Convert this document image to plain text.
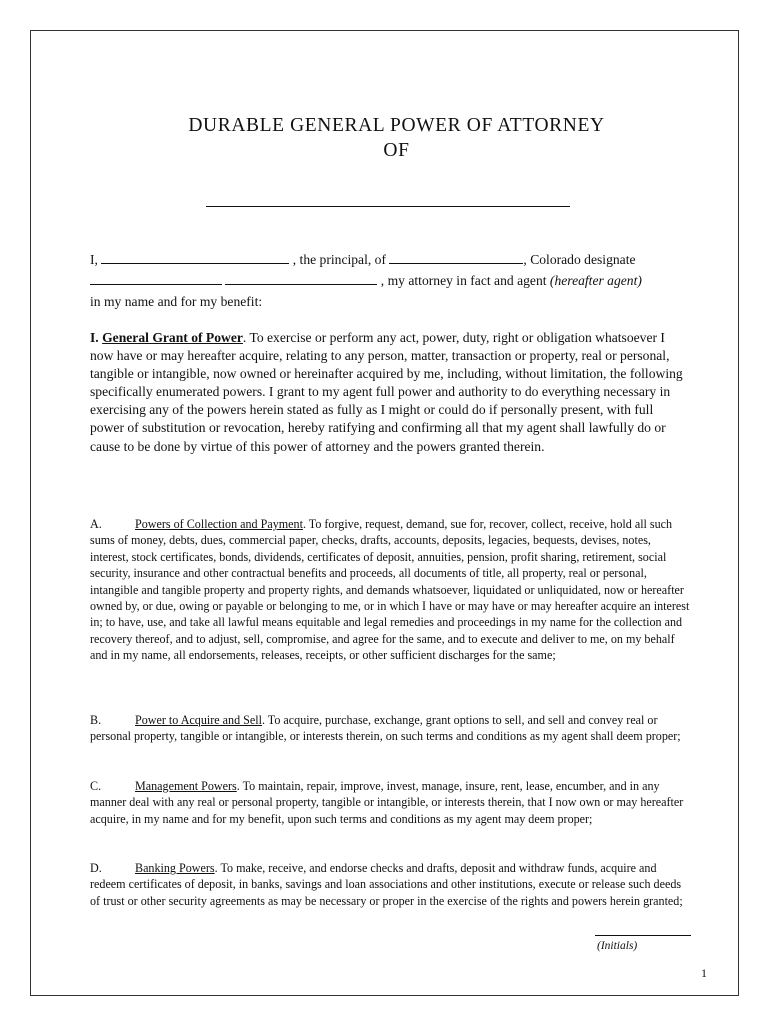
DURABLE GENERAL POWER OF ATTORNEY
OF
I,	, the principal, of	, Colorado designate
, my attorney in fact and agent (hereafter agent)
in my name and for my benefit:
I. General Grant of Power. To exercise or perform any act, power, duty, right or obligation whatsoever I now have or may hereafter acquire, relating to any person, matter, transaction or property, real or personal, tangible or intangible, now owned or hereinafter acquired by me, including, without limitation, the following specifically enumerated powers. I grant to my agent full power and authority to do everything necessary in exercising any of the powers herein stated as fully as I might or could do if personally present, with full power of substitution or revocation, hereby ratifying and confirming all that my agent shall lawfully do or cause to be done by virtue of this power of attorney and the powers granted therein.
A.	Powers of Collection and Payment. To forgive, request, demand, sue for, recover, collect, receive, hold all such sums of money, debts, dues, commercial paper, checks, drafts, accounts, deposits, legacies, bequests, devises, notes, interest, stock certificates, bonds, dividends, certificates of deposit, annuities, pension, profit sharing, retirement, social security, insurance and other contractual benefits and proceeds, all documents of title, all property, real or personal, intangible and tangible property and property rights, and demands whatsoever, liquidated or unliquidated, now or hereafter owned by, or due, owing or payable or belonging to me, or in which I have or may have or may hereafter acquire an interest in; to have, use, and take all lawful means equitable and legal remedies and proceedings in my name for the collection and recovery thereof, and to adjust, sell, compromise, and agree for the same, and to execute and deliver to me, on my behalf and in my name, all endorsements, releases, receipts, or other sufficient discharges for the same;
B.	Power to Acquire and Sell. To acquire, purchase, exchange, grant options to sell, and sell and convey real or personal property, tangible or intangible, or interests therein, on such terms and conditions as my agent shall deem proper;
C.	Management Powers. To maintain, repair, improve, invest, manage, insure, rent, lease, encumber, and in any manner deal with any real or personal property, tangible or intangible, or interests therein, that I now own or may hereafter acquire, in my name and for my benefit, upon such terms and conditions as my agent may deem proper;
D.	Banking Powers. To make, receive, and endorse checks and drafts, deposit and withdraw funds, acquire and redeem certificates of deposit, in banks, savings and loan associations and other institutions, execute or release such deeds of trust or other security agreements as may be necessary or proper in the exercise of the rights and powers herein granted;
(Initials)
1
